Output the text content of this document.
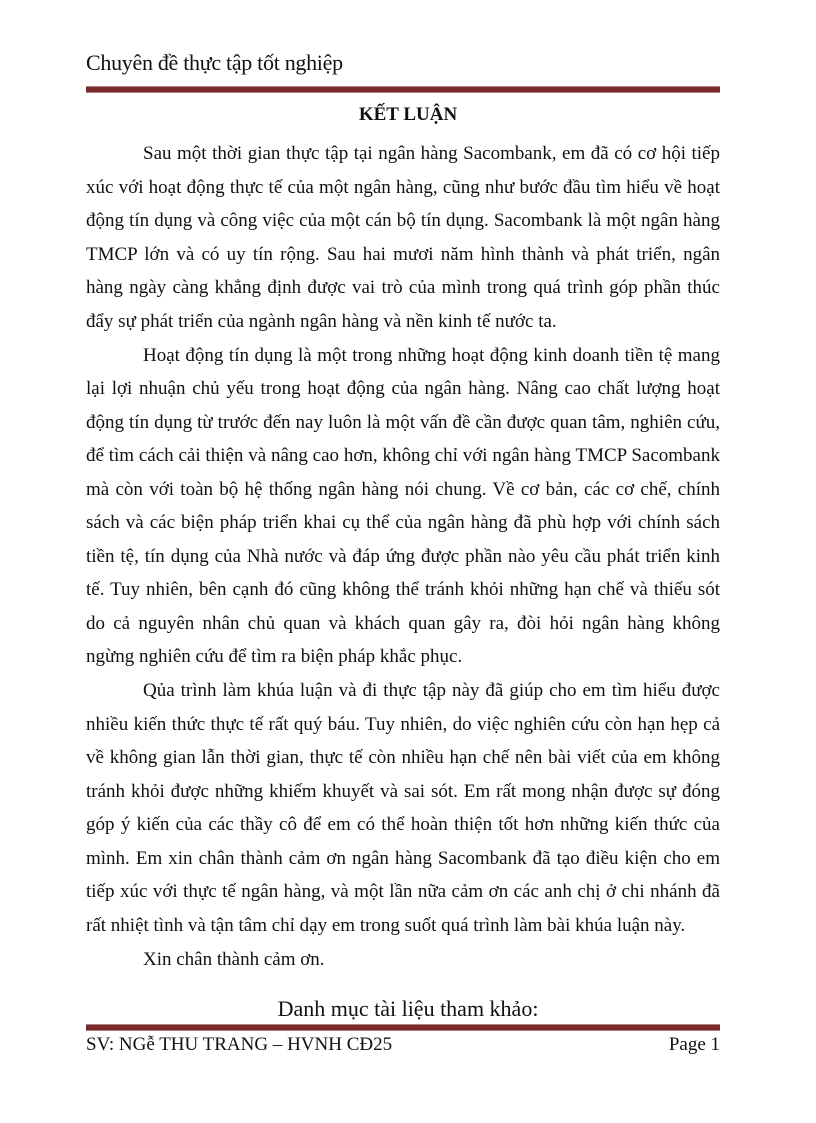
Chuyên đề thực tập tốt nghiệp
KẾT LUẬN

Sau một thời gian thực tập tại ngân hàng Sacombank, em đã có cơ hội tiếp xúc với hoạt động thực tế của một ngân hàng, cũng như bước đầu tìm hiểu về hoạt động tín dụng và công việc của một cán bộ tín dụng. Sacombank là một ngân hàng TMCP lớn và có uy tín rộng. Sau hai mươi năm hình thành và phát triển, ngân hàng ngày càng khẳng định được vai trò của mình trong quá trình góp phần thúc đẩy sự phát triển của ngành ngân hàng và nền kinh tế nước ta.

Hoạt động tín dụng là một trong những hoạt động kinh doanh tiền tệ mang lại lợi nhuận chủ yếu trong hoạt động của ngân hàng. Nâng cao chất lượng hoạt động tín dụng từ trước đến nay luôn là một vấn đề cần được quan tâm, nghiên cứu, để tìm cách cải thiện và nâng cao hơn, không chỉ với ngân hàng TMCP Sacombank mà còn với toàn bộ hệ thống ngân hàng nói chung. Về cơ bản, các cơ chế, chính sách và các biện pháp triển khai cụ thể của ngân hàng đã phù hợp với chính sách tiền tệ, tín dụng của Nhà nước và đáp ứng được phần nào yêu cầu phát triển kinh tế. Tuy nhiên, bên cạnh đó cũng không thể tránh khỏi những hạn chế và thiếu sót do cả nguyên nhân chủ quan và khách quan gây ra, đòi hỏi ngân hàng không ngừng nghiên cứu để tìm ra biện pháp khắc phục.

Qủa trình làm khúa luận và đi thực tập này đã giúp cho em tìm hiểu được nhiều kiến thức thực tế rất quý báu. Tuy nhiên, do việc nghiên cứu còn hạn hẹp cả về không gian lẫn thời gian, thực tế còn nhiều hạn chế nên bài viết của em không tránh khỏi được những khiếm khuyết và sai sót. Em rất mong nhận được sự đóng góp ý kiến của các thầy cô để em có thể hoàn thiện tốt hơn những kiến thức của mình. Em xin chân thành cảm ơn ngân hàng Sacombank đã tạo điều kiện cho em tiếp xúc với thực tế ngân hàng, và một lần nữa cảm ơn các anh chị ở chi nhánh đã rất nhiệt tình và tận tâm chỉ dạy em trong suốt quá trình làm bài khúa luận này.

Xin chân thành cảm ơn.

Danh mục tài liệu tham khảo:
SV: NGễ THU TRANG – HVNH CĐ25	Page 1
